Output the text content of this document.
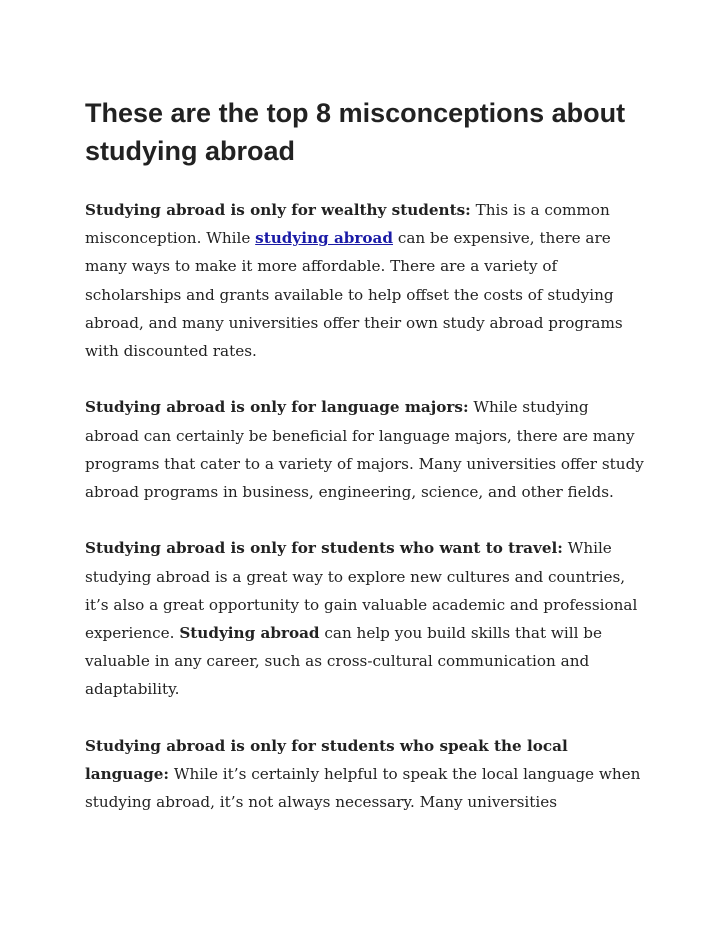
These are the top 8 misconceptions about studying abroad

Studying abroad is only for wealthy students: This is a common misconception. While studying abroad can be expensive, there are many ways to make it more affordable. There are a variety of scholarships and grants available to help offset the costs of studying abroad, and many universities offer their own study abroad programs with discounted rates.

Studying abroad is only for language majors: While studying abroad can certainly be beneficial for language majors, there are many programs that cater to a variety of majors. Many universities offer study abroad programs in business, engineering, science, and other fields.

Studying abroad is only for students who want to travel: While studying abroad is a great way to explore new cultures and countries, it’s also a great opportunity to gain valuable academic and professional experience. Studying abroad can help you build skills that will be valuable in any career, such as cross-cultural communication and adaptability.

Studying abroad is only for students who speak the local language: While it’s certainly helpful to speak the local language when studying abroad, it’s not always necessary. Many universities
